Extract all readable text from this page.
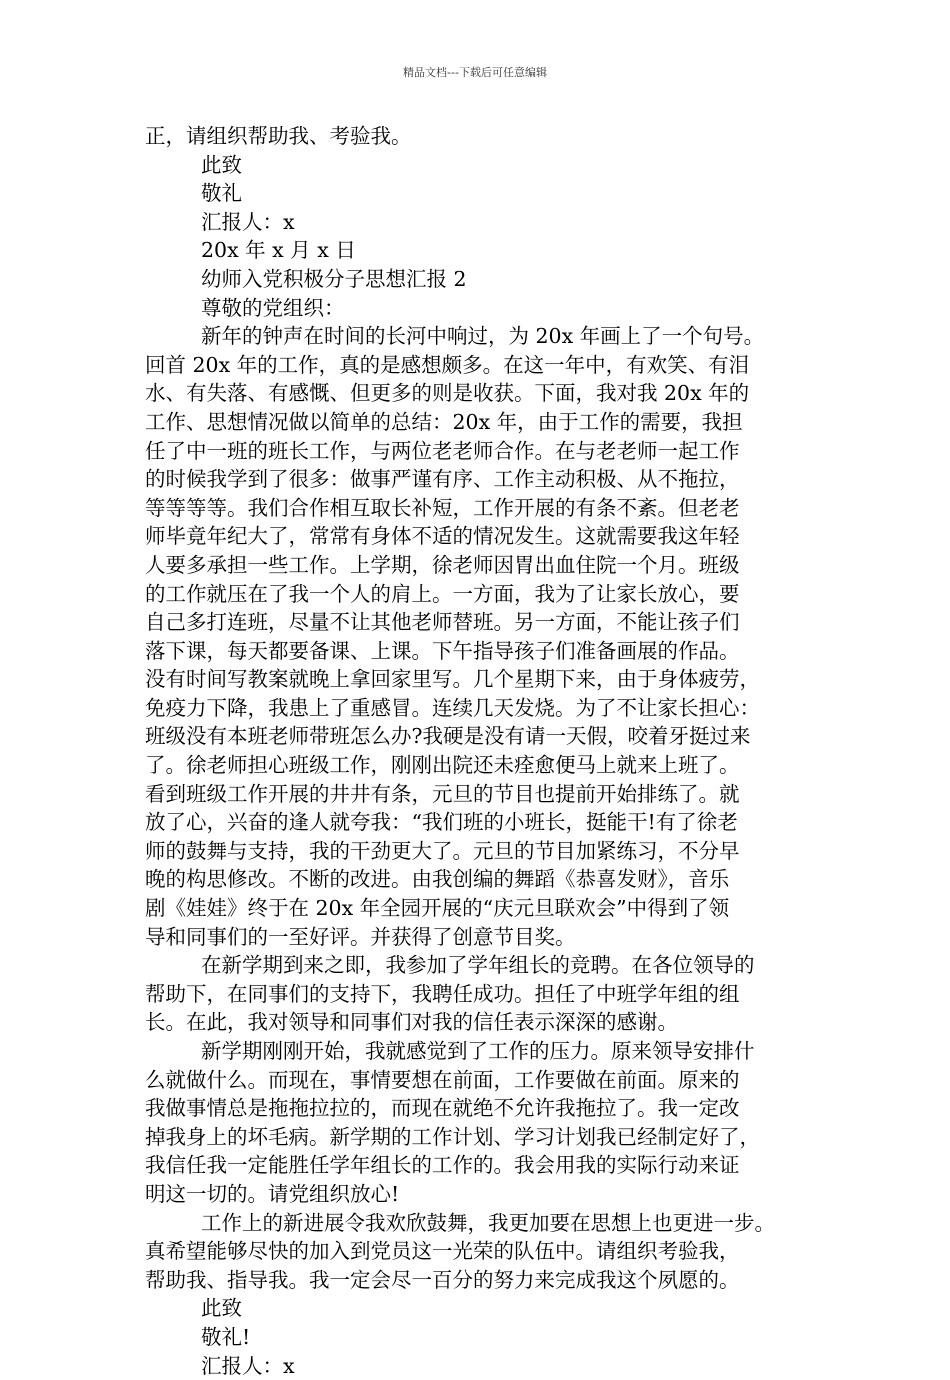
精品文档---下载后可任意编辑
正，请组织帮助我、考验我。
此致
敬礼
汇报人：x
20x 年 x 月 x 日
幼师入党积极分子思想汇报 2
尊敬的党组织：
新年的钟声在时间的长河中响过，为 20x 年画上了一个句号。
回首 20x 年的工作，真的是感想颇多。在这一年中，有欢笑、有泪
水、有失落、有感慨、但更多的则是收获。下面，我对我 20x 年的
工作、思想情况做以简单的总结：20x 年，由于工作的需要，我担
任了中一班的班长工作，与两位老老师合作。在与老老师一起工作
的时候我学到了很多：做事严谨有序、工作主动积极、从不拖拉，
等等等等。我们合作相互取长补短，工作开展的有条不紊。但老老
师毕竟年纪大了，常常有身体不适的情况发生。这就需要我这年轻
人要多承担一些工作。上学期，徐老师因胃出血住院一个月。班级
的工作就压在了我一个人的肩上。一方面，我为了让家长放心，要
自己多打连班，尽量不让其他老师替班。另一方面，不能让孩子们
落下课，每天都要备课、上课。下午指导孩子们准备画展的作品。
没有时间写教案就晚上拿回家里写。几个星期下来，由于身体疲劳，
免疫力下降，我患上了重感冒。连续几天发烧。为了不让家长担心：
班级没有本班老师带班怎么办?我硬是没有请一天假，咬着牙挺过来
了。徐老师担心班级工作，刚刚出院还未痊愈便马上就来上班了。
看到班级工作开展的井井有条，元旦的节目也提前开始排练了。就
放了心，兴奋的逢人就夸我：“我们班的小班长，挺能干!有了徐老
师的鼓舞与支持，我的干劲更大了。元旦的节目加紧练习，不分早
晚的构思修改。不断的改进。由我创编的舞蹈《恭喜发财》，音乐
剧《娃娃》终于在 20x 年全园开展的“庆元旦联欢会”中得到了领
导和同事们的一至好评。并获得了创意节目奖。
在新学期到来之即，我参加了学年组长的竞聘。在各位领导的
帮助下，在同事们的支持下，我聘任成功。担任了中班学年组的组
长。在此，我对领导和同事们对我的信任表示深深的感谢。
新学期刚刚开始，我就感觉到了工作的压力。原来领导安排什
么就做什么。而现在，事情要想在前面，工作要做在前面。原来的
我做事情总是拖拖拉拉的，而现在就绝不允许我拖拉了。我一定改
掉我身上的坏毛病。新学期的工作计划、学习计划我已经制定好了，
我信任我一定能胜任学年组长的工作的。我会用我的实际行动来证
明这一切的。请党组织放心!
工作上的新进展令我欢欣鼓舞，我更加要在思想上也更进一步。
真希望能够尽快的加入到党员这一光荣的队伍中。请组织考验我，
帮助我、指导我。我一定会尽一百分的努力来完成我这个夙愿的。
此致
敬礼!
汇报人：x
